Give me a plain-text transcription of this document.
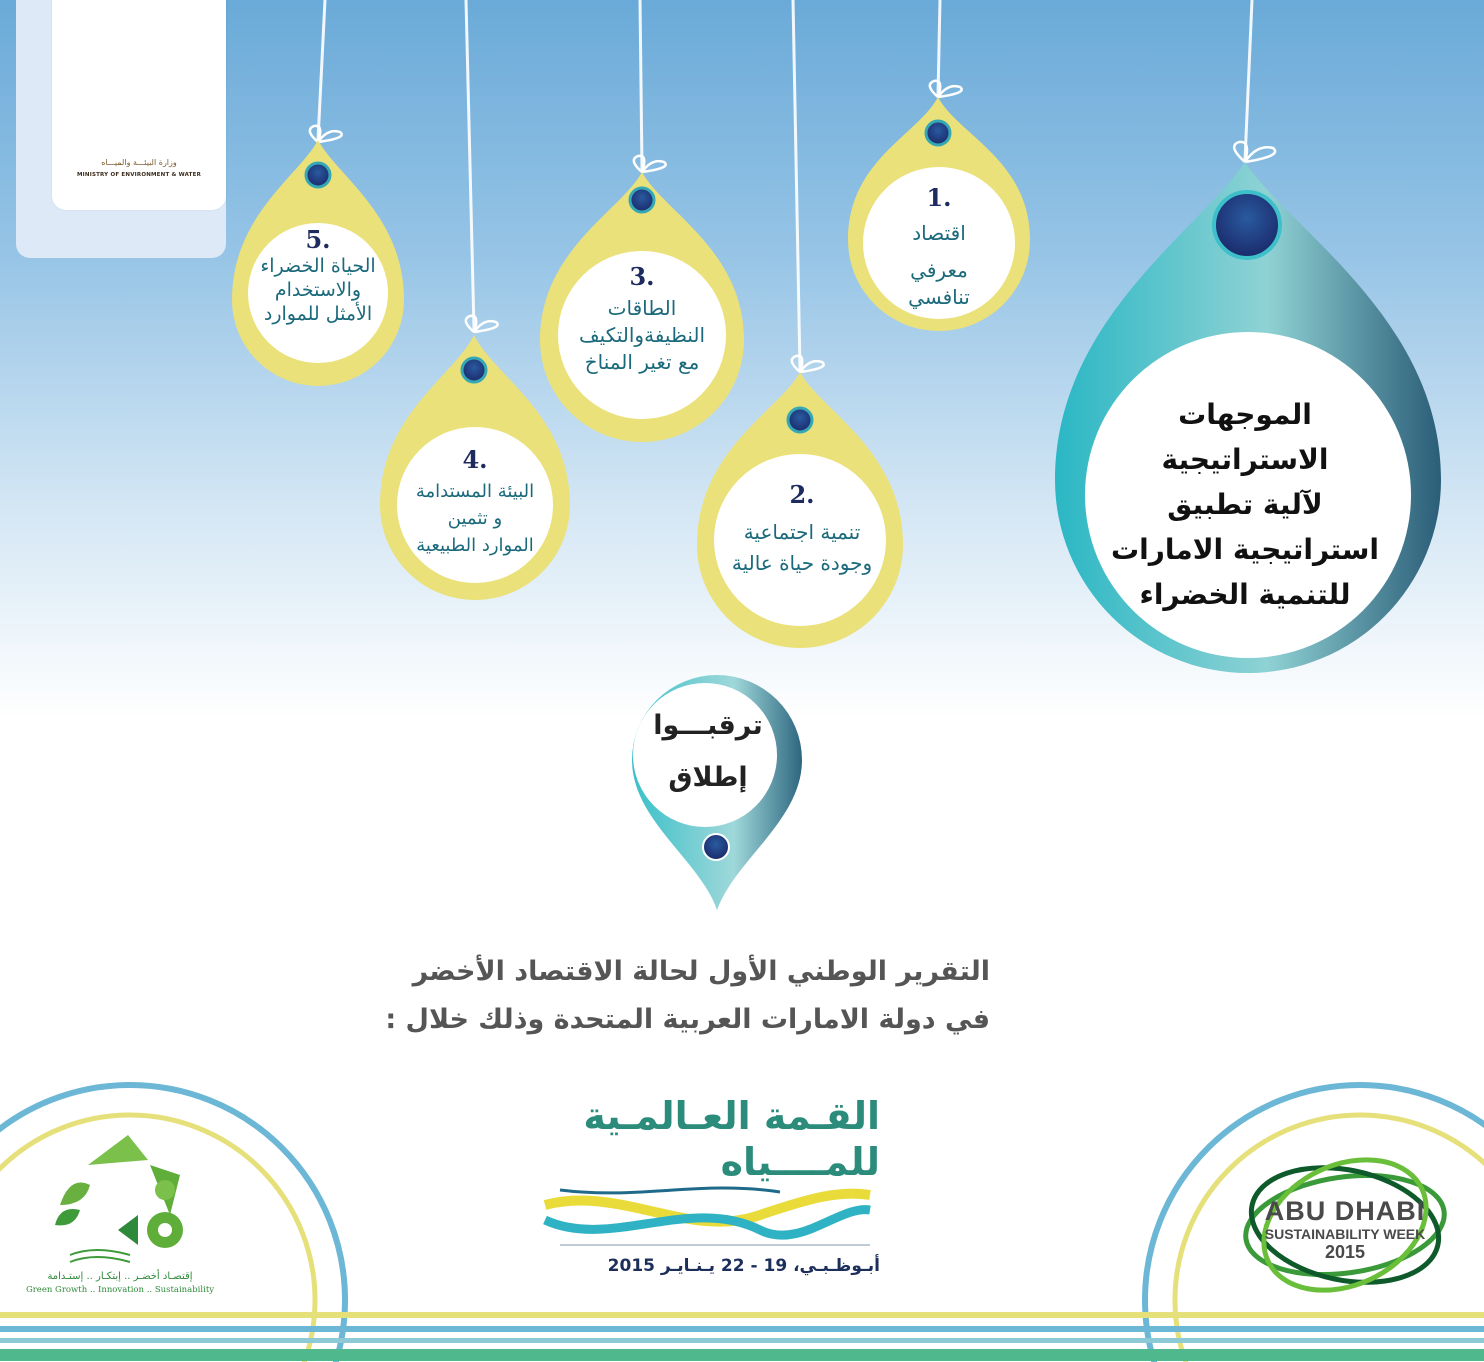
وزارة البيئـــة والميـــاه
MINISTRY OF ENVIRONMENT & WATER
1.
اقتصاد
معرفي تنافسي
2.
تنمية اجتماعية
وجودة حياة عالية
3.
الطاقات
النظيفةوالتكيف
مع تغير المناخ
4.
البيئة المستدامة
و تثمين
الموارد الطبيعية
5.
الحياة الخضراء
والاستخدام
الأمثل للموارد
الموجهات الاستراتيجية
لآلية تطبيق
استراتيجية الامارات
للتنمية الخضراء
ترقبـــوا
إطلاق
التقرير الوطني الأول لحالة الاقتصاد الأخضر
في دولة الامارات العربية المتحدة وذلك خلال :
القـمة العـالمـية
للمــــياه
أبـوظـبـي، 19 - 22 يـنـايـر 2015
إقتصـاد أخضـر .. إبتكـار .. إستـدامة
Green Growth .. Innovation .. Sustainability
ABU DHABI
SUSTAINABILITY WEEK
2015
